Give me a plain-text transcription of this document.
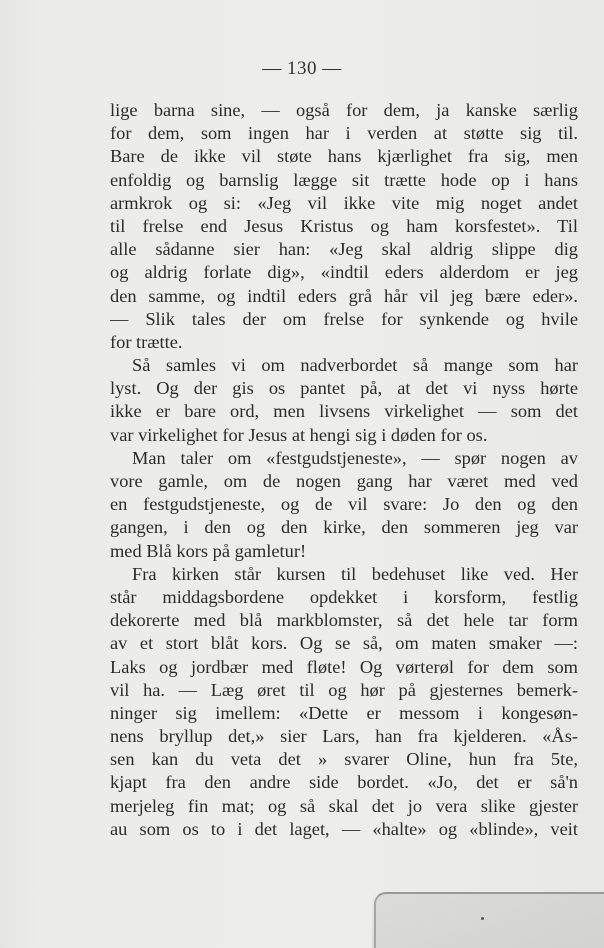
— 130 —
lige barna sine, — også for dem, ja kanske særlig
for dem, som ingen har i verden at støtte sig til.
Bare de ikke vil støte hans kjærlighet fra sig, men
enfoldig og barnslig lægge sit trætte hode op i hans
armkrok og si: «Jeg vil ikke vite mig noget andet
til frelse end Jesus Kristus og ham korsfestet». Til
alle sådanne sier han: «Jeg skal aldrig slippe dig
og aldrig forlate dig», «indtil eders alderdom er jeg
den samme, og indtil eders grå hår vil jeg bære eder».
— Slik tales der om frelse for synkende og hvile
for trætte.
Så samles vi om nadverbordet så mange som har
lyst. Og der gis os pantet på, at det vi nyss hørte
ikke er bare ord, men livsens virkelighet — som det
var virkelighet for Jesus at hengi sig i døden for os.
Man taler om «festgudstjeneste», — spør nogen av
vore gamle, om de nogen gang har været med ved
en festgudstjeneste, og de vil svare: Jo den og den
gangen, i den og den kirke, den sommeren jeg var
med Blå kors på gamletur!
Fra kirken står kursen til bedehuset like ved. Her
står middagsbordene opdekket i korsform, festlig
dekorerte med blå markblomster, så det hele tar form
av et stort blåt kors. Og se så, om maten smaker —:
Laks og jordbær med fløte! Og vørterøl for dem som
vil ha. — Læg øret til og hør på gjesternes bemerk-
ninger sig imellem: «Dette er messom i kongesøn-
nens bryllup det,» sier Lars, han fra kjelderen. «Ås-
sen kan du veta det » svarer Oline, hun fra 5te,
kjapt fra den andre side bordet. «Jo, det er så'n
merjeleg fin mat; og så skal det jo vera slike gjester
au som os to i det laget, — «halte» og «blinde», veit
